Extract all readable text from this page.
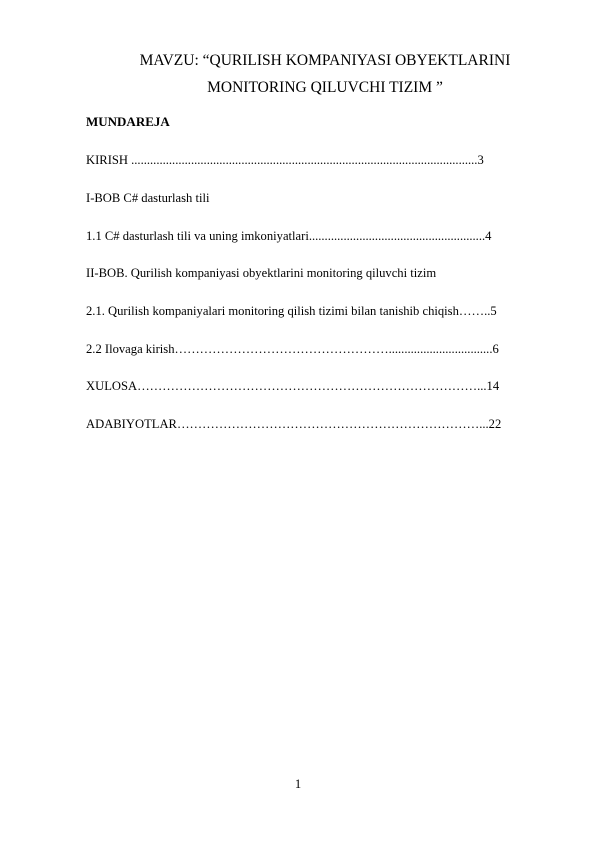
MAVZU: “QURILISH KOMPANIYASI OBYEKTLARINI
MONITORING QILUVCHI TIZIM ”
MUNDAREJA
KIRISH ..............................................................................................................3
I-BOB C# dasturlash tili
1.1 C# dasturlash tili va uning imkoniyatlari........................................................4
II-BOB. Qurilish kompaniyasi obyektlarini monitoring qiluvchi tizim
2.1. Qurilish kompaniyalari monitoring qilish tizimi bilan tanishib chiqish……..5
2.2 Ilovaga kirish…………………………………………….................................6
XULOSA………………………………………………………………………...14
ADABIYOTLAR………………………………………………………………...22
1
